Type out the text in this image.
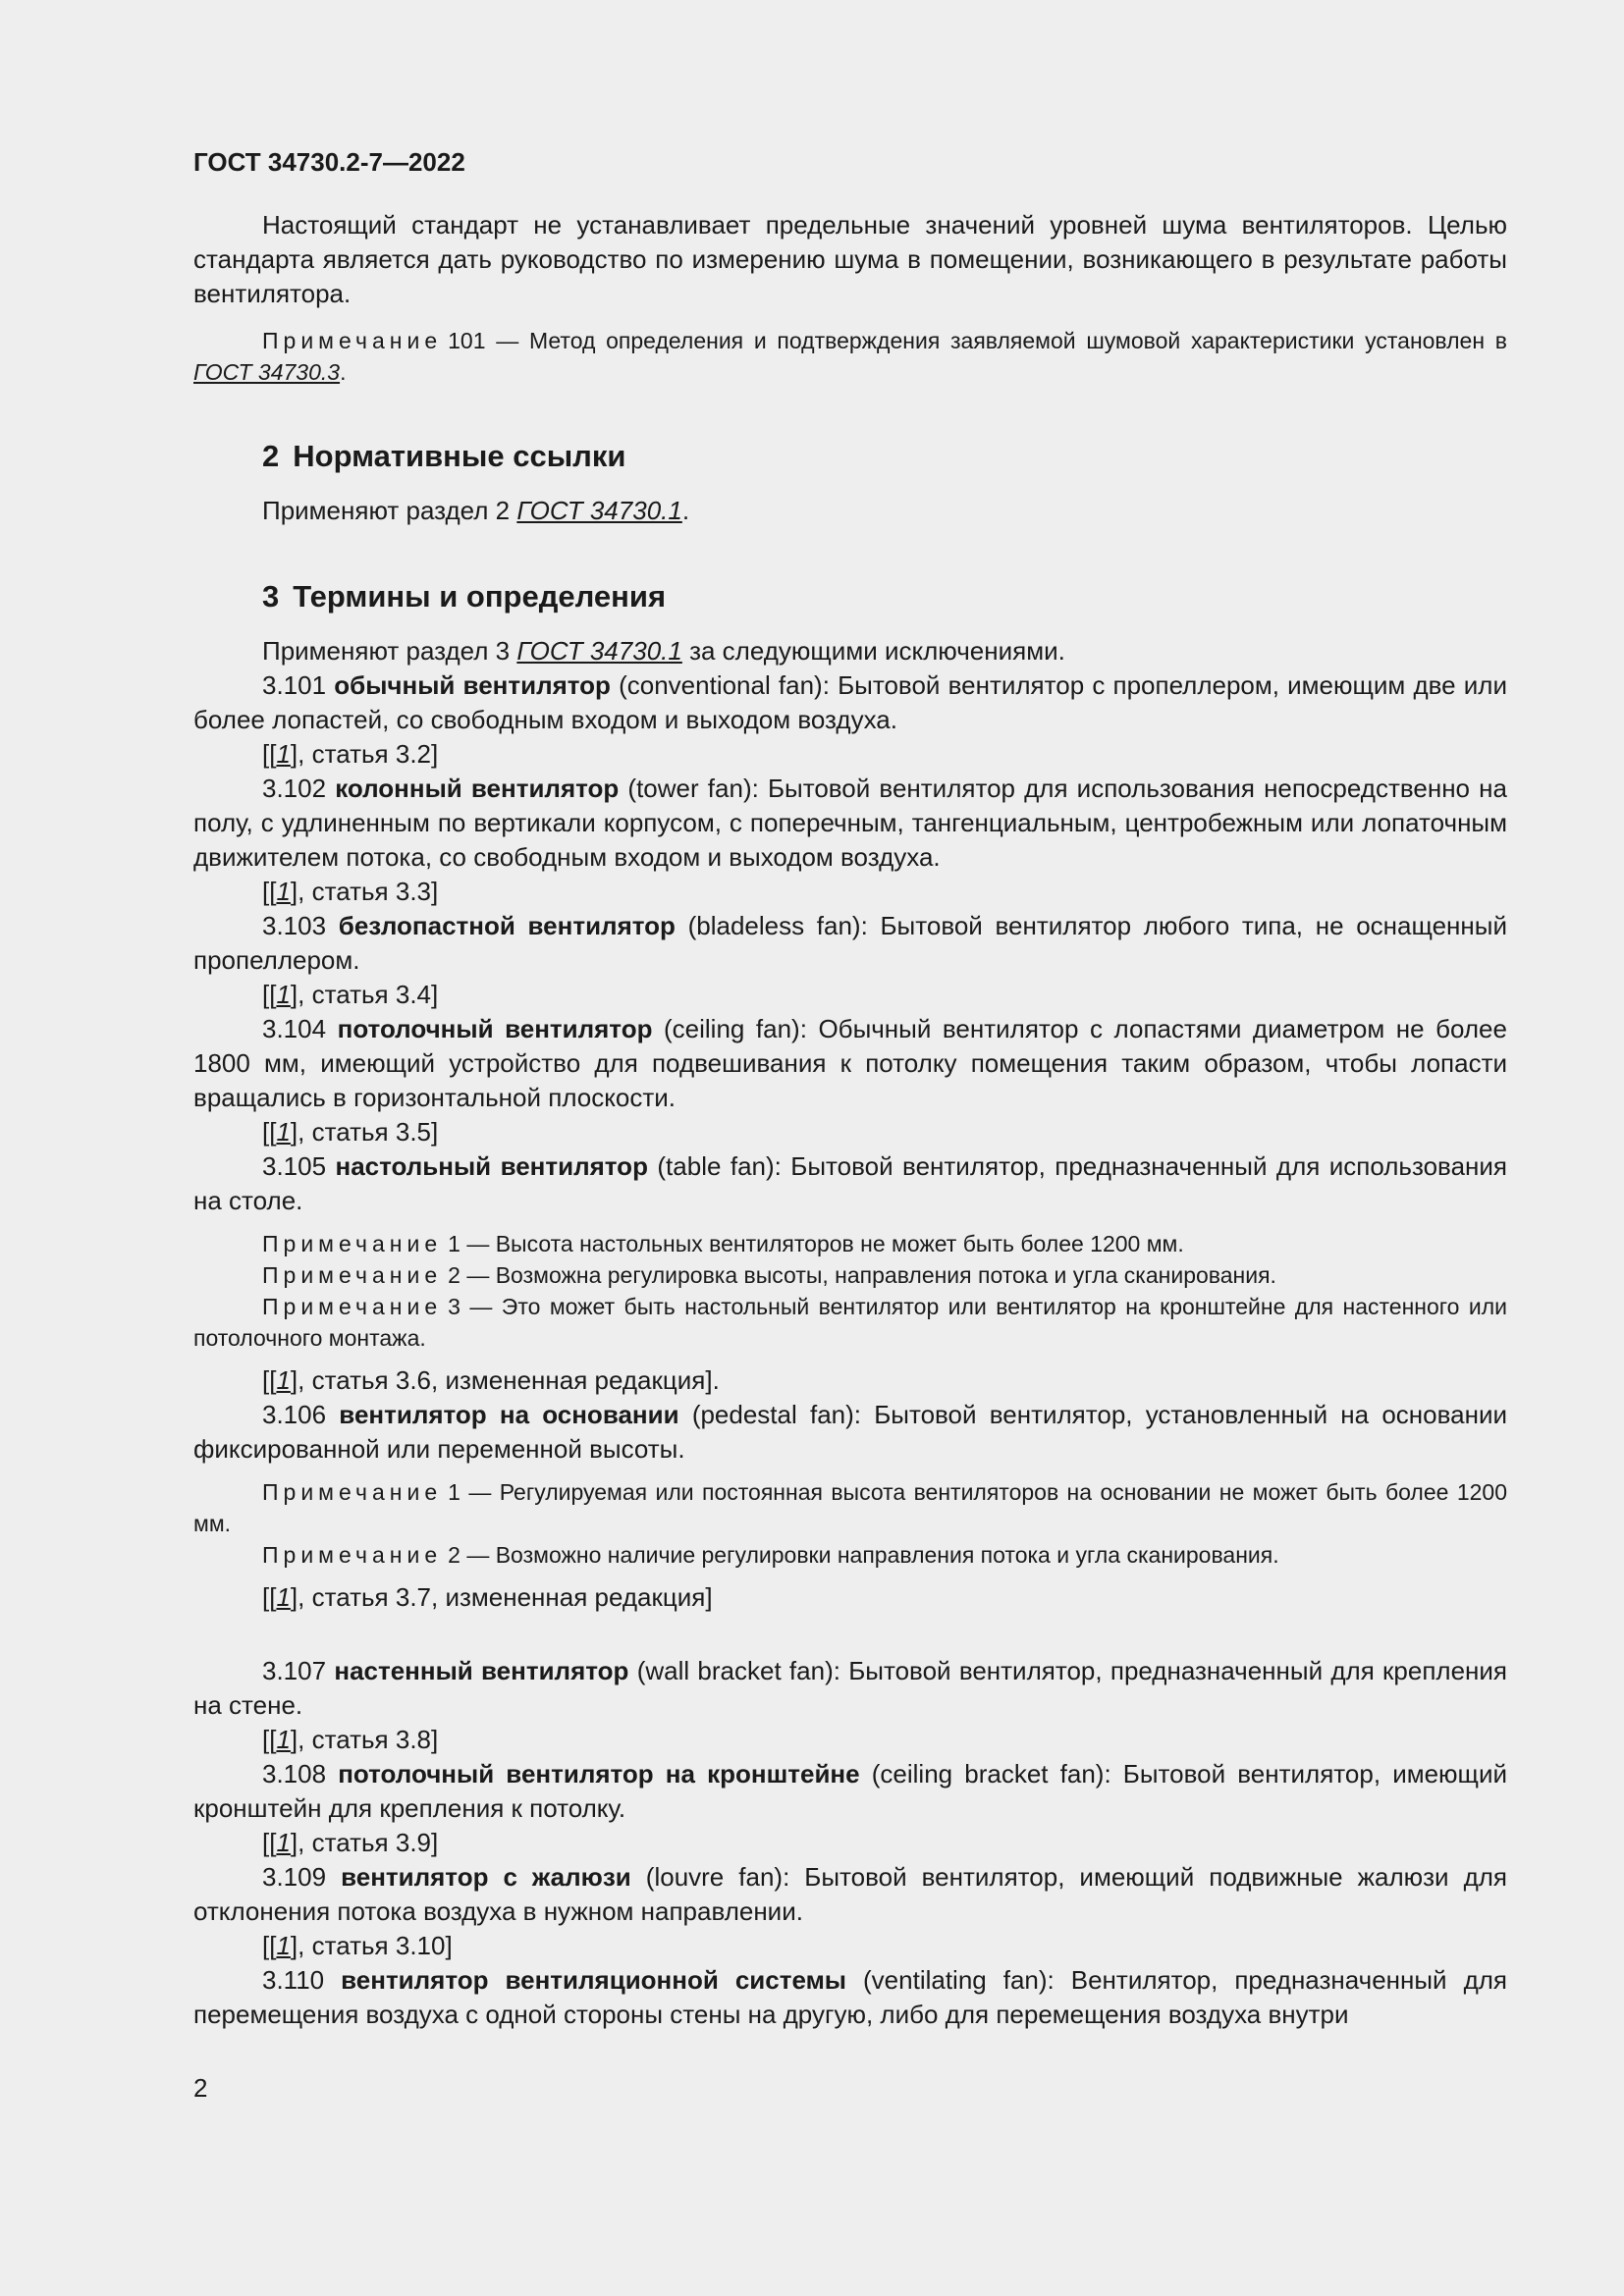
ГОСТ 34730.2-7—2022

Настоящий стандарт не устанавливает предельные значений уровней шума вентиляторов. Целью стандарта является дать руководство по измерению шума в помещении, возникающего в результате работы вентилятора.

Примечание 101 — Метод определения и подтверждения заявляемой шумовой характеристики установлен в ГОСТ 34730.3.
2 Нормативные ссылки

Применяют раздел 2 ГОСТ 34730.1.

3 Термины и определения

Применяют раздел 3 ГОСТ 34730.1 за следующими исключениями.

3.101 обычный вентилятор (conventional fan): Бытовой вентилятор с пропеллером, имеющим две или более лопастей, со свободным входом и выходом воздуха.

[[1], статья 3.2]

3.102 колонный вентилятор (tower fan): Бытовой вентилятор для использования непосредственно на полу, с удлиненным по вертикали корпусом, с поперечным, тангенциальным, центробежным или лопаточным движителем потока, со свободным входом и выходом воздуха.

[[1], статья 3.3]

3.103 безлопастной вентилятор (bladeless fan): Бытовой вентилятор любого типа, не оснащенный пропеллером.

[[1], статья 3.4]

3.104 потолочный вентилятор (ceiling fan): Обычный вентилятор с лопастями диаметром не более 1800 мм, имеющий устройство для подвешивания к потолку помещения таким образом, чтобы лопасти вращались в горизонтальной плоскости.

[[1], статья 3.5]

3.105 настольный вентилятор (table fan): Бытовой вентилятор, предназначенный для использования на столе.

Примечание 1 — Высота настольных вентиляторов не может быть более 1200 мм.
Примечание 2 — Возможна регулировка высоты, направления потока и угла сканирования.
Примечание 3 — Это может быть настольный вентилятор или вентилятор на кронштейне для настенного или потолочного монтажа.

[[1], статья 3.6, измененная редакция].

3.106 вентилятор на основании (pedestal fan): Бытовой вентилятор, установленный на основании фиксированной или переменной высоты.

Примечание 1 — Регулируемая или постоянная высота вентиляторов на основании не может быть более 1200 мм.
Примечание 2 — Возможно наличие регулировки направления потока и угла сканирования.

[[1], статья 3.7, измененная редакция]

3.107 настенный вентилятор (wall bracket fan): Бытовой вентилятор, предназначенный для крепления на стене.

[[1], статья 3.8]

3.108 потолочный вентилятор на кронштейне (ceiling bracket fan): Бытовой вентилятор, имеющий кронштейн для крепления к потолку.

[[1], статья 3.9]

3.109 вентилятор с жалюзи (louvre fan): Бытовой вентилятор, имеющий подвижные жалюзи для отклонения потока воздуха в нужном направлении.

[[1], статья 3.10]

3.110 вентилятор вентиляционной системы (ventilating fan): Вентилятор, предназначенный для перемещения воздуха с одной стороны стены на другую, либо для перемещения воздуха внутри

2
